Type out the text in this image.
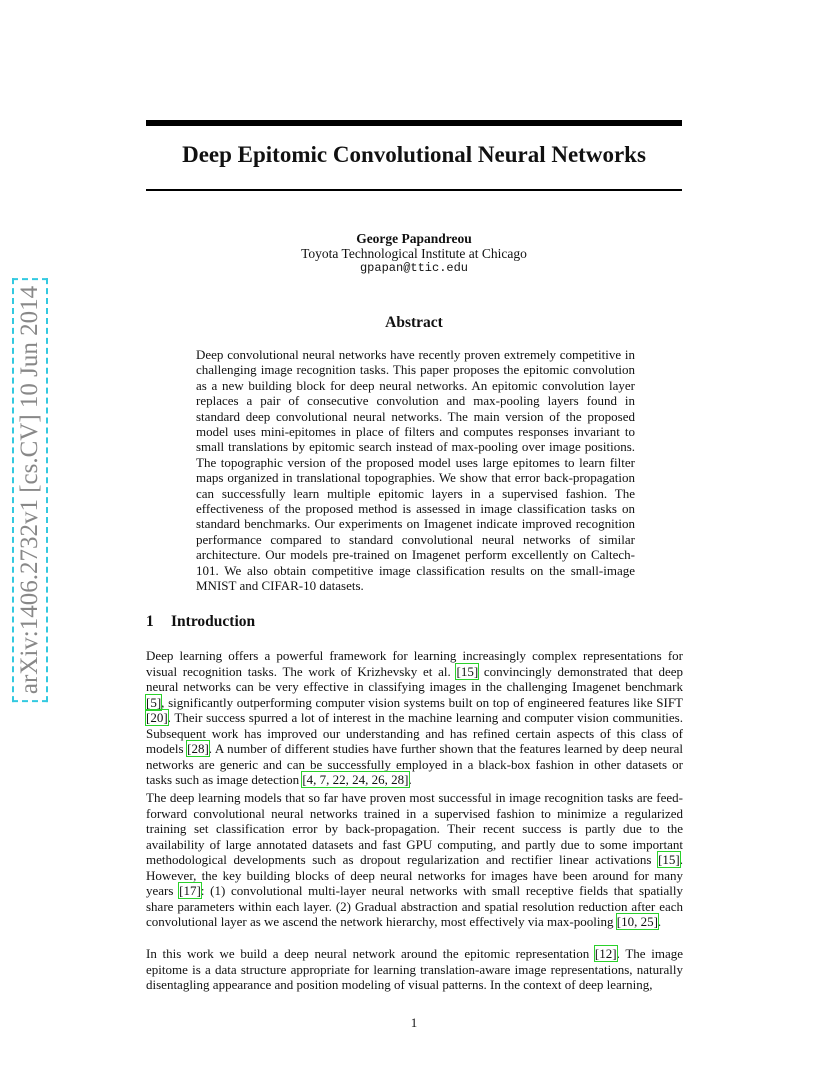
arXiv:1406.2732v1 [cs.CV] 10 Jun 2014
Deep Epitomic Convolutional Neural Networks
George Papandreou
Toyota Technological Institute at Chicago
gpapan@ttic.edu
Abstract

Deep convolutional neural networks have recently proven extremely competitive in challenging image recognition tasks. This paper proposes the epitomic convolution as a new building block for deep neural networks. An epitomic convolution layer replaces a pair of consecutive convolution and max-pooling layers found in standard deep convolutional neural networks. The main version of the proposed model uses mini-epitomes in place of filters and computes responses invariant to small translations by epitomic search instead of max-pooling over image positions. The topographic version of the proposed model uses large epitomes to learn filter maps organized in translational topographies. We show that error back-propagation can successfully learn multiple epitomic layers in a supervised fashion. The effectiveness of the proposed method is assessed in image classification tasks on standard benchmarks. Our experiments on Imagenet indicate improved recognition performance compared to standard convolutional neural networks of similar architecture. Our models pre-trained on Imagenet perform excellently on Caltech-101. We also obtain competitive image classification results on the small-image MNIST and CIFAR-10 datasets.

1 Introduction

Deep learning offers a powerful framework for learning increasingly complex representations for visual recognition tasks. The work of Krizhevsky et al. [15] convincingly demonstrated that deep neural networks can be very effective in classifying images in the challenging Imagenet benchmark [5], significantly outperforming computer vision systems built on top of engineered features like SIFT [20]. Their success spurred a lot of interest in the machine learning and computer vision communities. Subsequent work has improved our understanding and has refined certain aspects of this class of models [28]. A number of different studies have further shown that the features learned by deep neural networks are generic and can be successfully employed in a black-box fashion in other datasets or tasks such as image detection [4, 7, 22, 24, 26, 28].

The deep learning models that so far have proven most successful in image recognition tasks are feed-forward convolutional neural networks trained in a supervised fashion to minimize a regularized training set classification error by back-propagation. Their recent success is partly due to the availability of large annotated datasets and fast GPU computing, and partly due to some important methodological developments such as dropout regularization and rectifier linear activations [15]. However, the key building blocks of deep neural networks for images have been around for many years [17]: (1) convolutional multi-layer neural networks with small receptive fields that spatially share parameters within each layer. (2) Gradual abstraction and spatial resolution reduction after each convolutional layer as we ascend the network hierarchy, most effectively via max-pooling [10, 25].

In this work we build a deep neural network around the epitomic representation [12]. The image epitome is a data structure appropriate for learning translation-aware image representations, naturally disentagling appearance and position modeling of visual patterns. In the context of deep learning,

1
